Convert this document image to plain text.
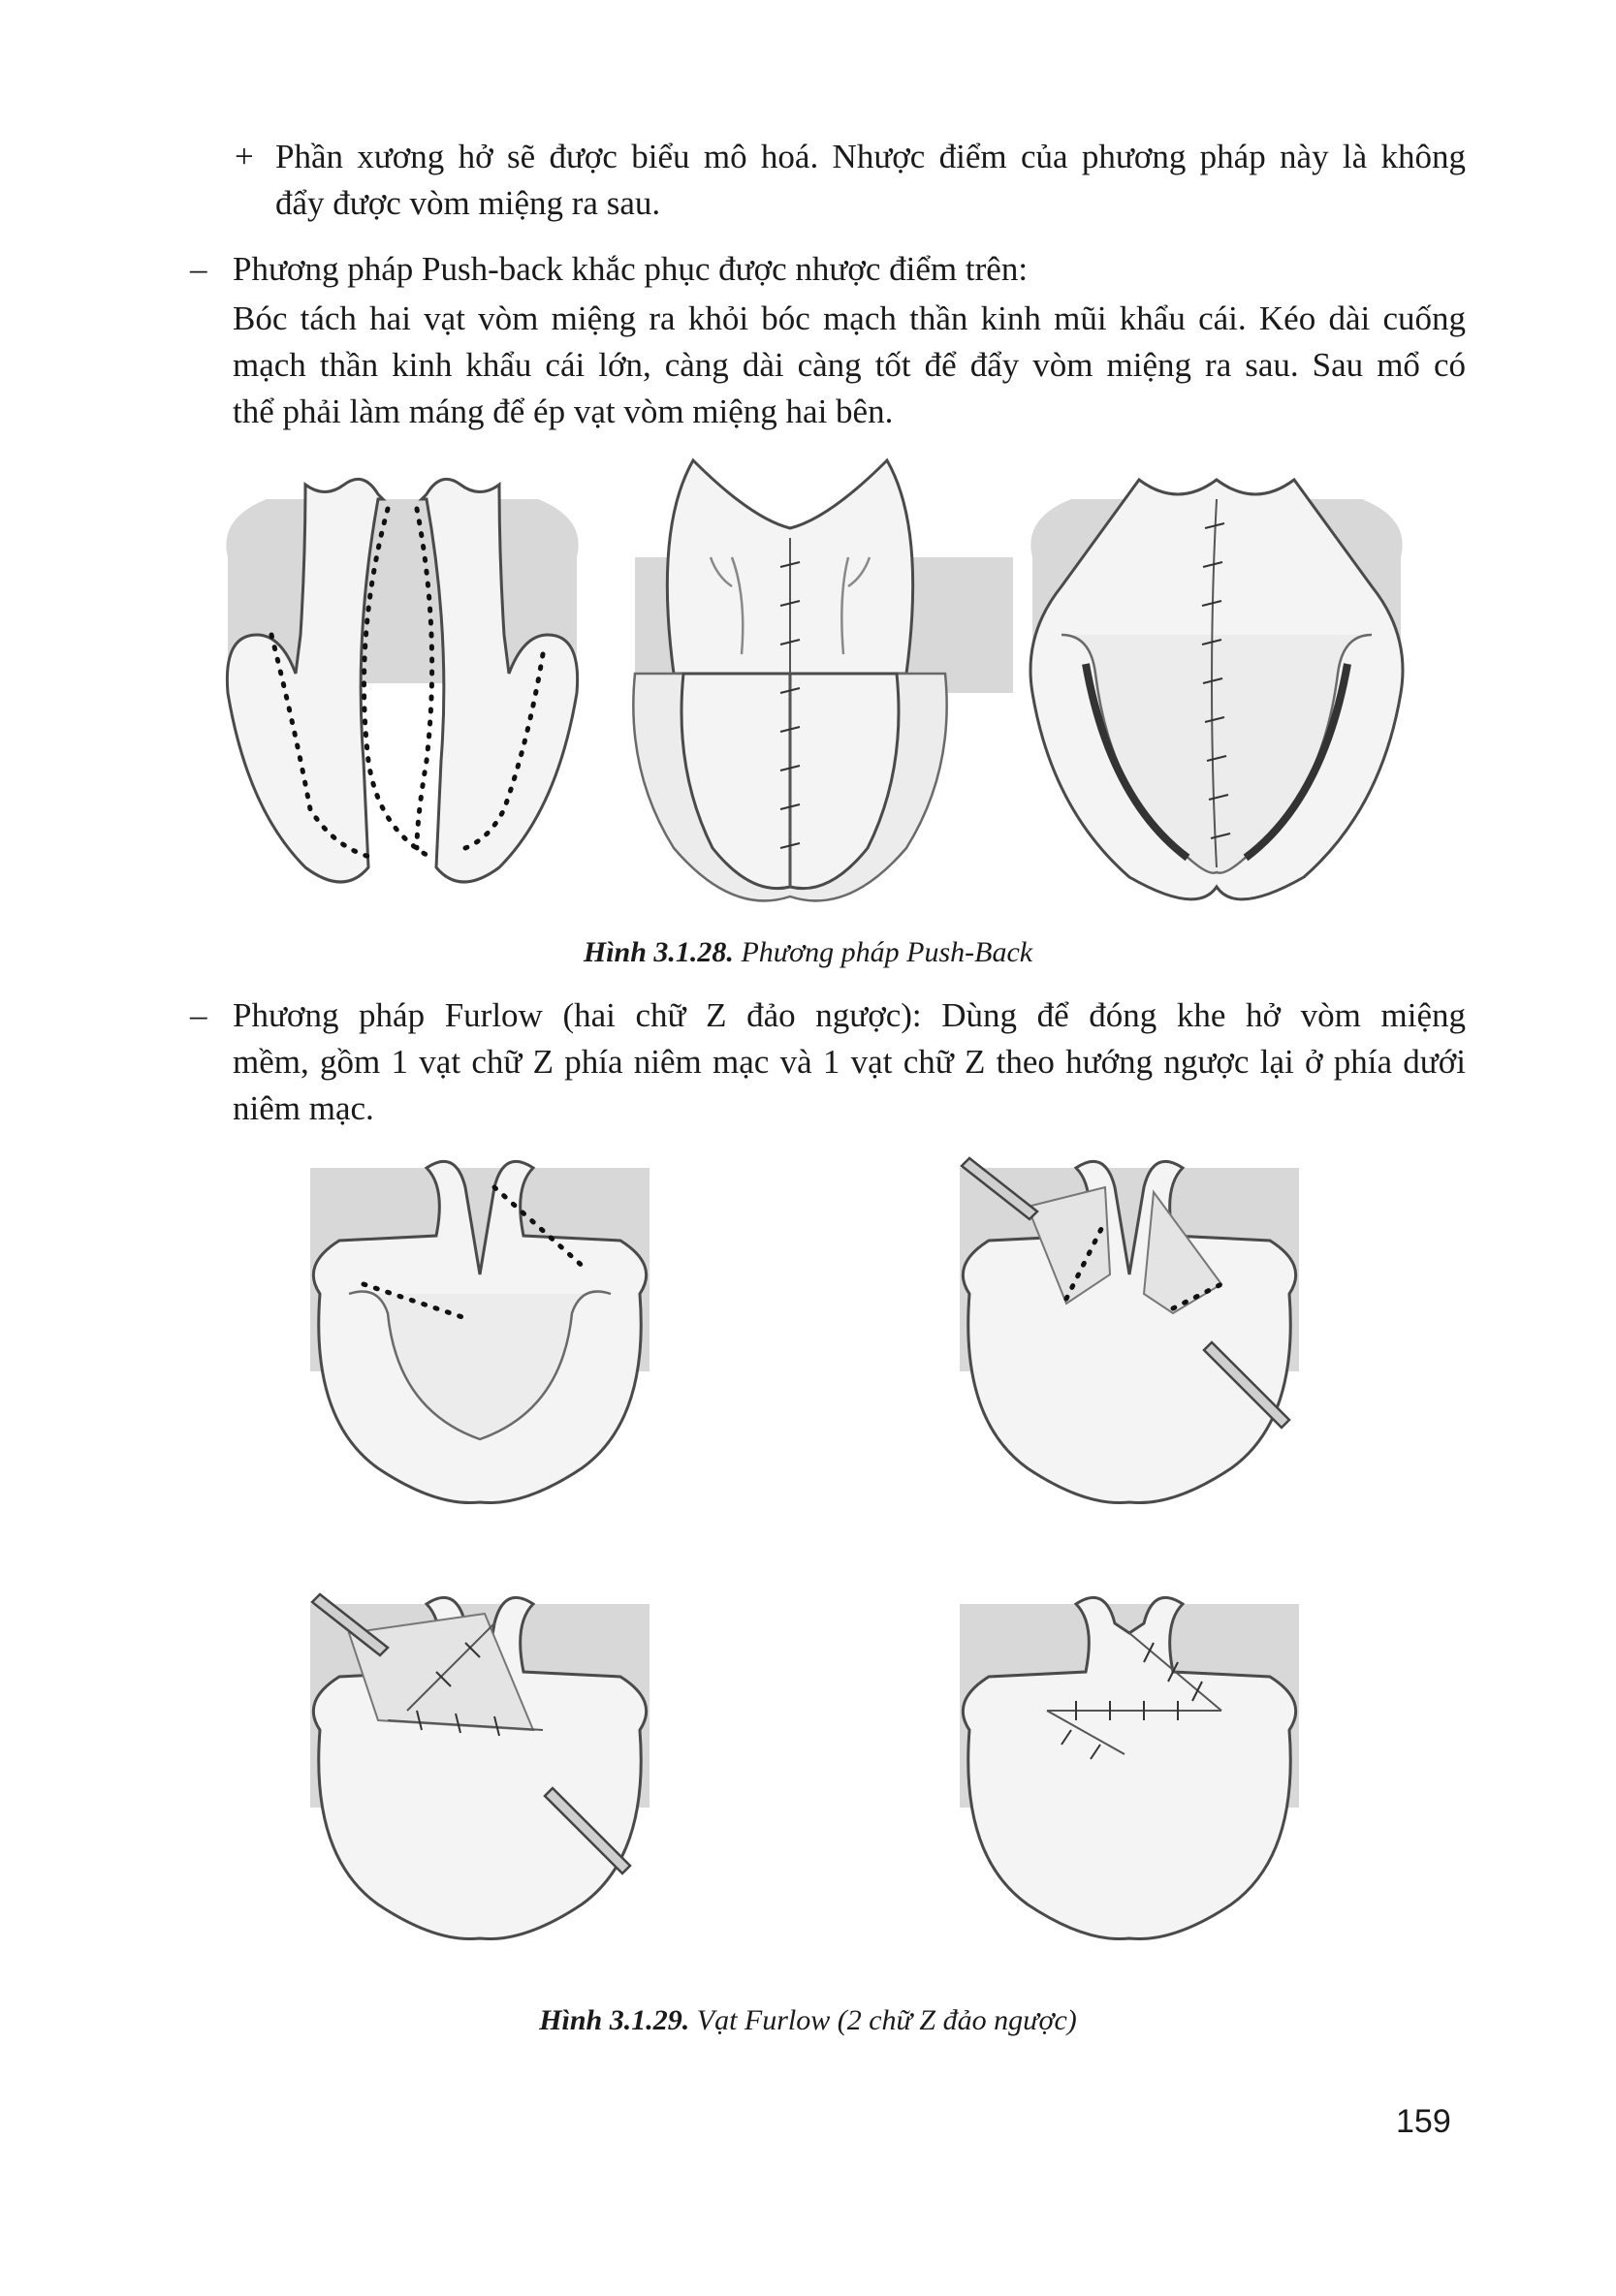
+ Phần xương hở sẽ được biểu mô hoá. Nhược điểm của phương pháp này là không
đẩy được vòm miệng ra sau.
– Phương pháp Push-back khắc phục được nhược điểm trên:
Bóc tách hai vạt vòm miệng ra khỏi bóc mạch thần kinh mũi khẩu cái. Kéo dài cuống
mạch thần kinh khẩu cái lớn, càng dài càng tốt để đẩy vòm miệng ra sau. Sau mổ có
thể phải làm máng để ép vạt vòm miệng hai bên.
Hình 3.1.28. Phương pháp Push-Back
– Phương pháp Furlow (hai chữ Z đảo ngược): Dùng để đóng khe hở vòm miệng
mềm, gồm 1 vạt chữ Z phía niêm mạc và 1 vạt chữ Z theo hướng ngược lại ở phía dưới
niêm mạc.
Hình 3.1.29. Vạt Furlow (2 chữ Z đảo ngược)
159
